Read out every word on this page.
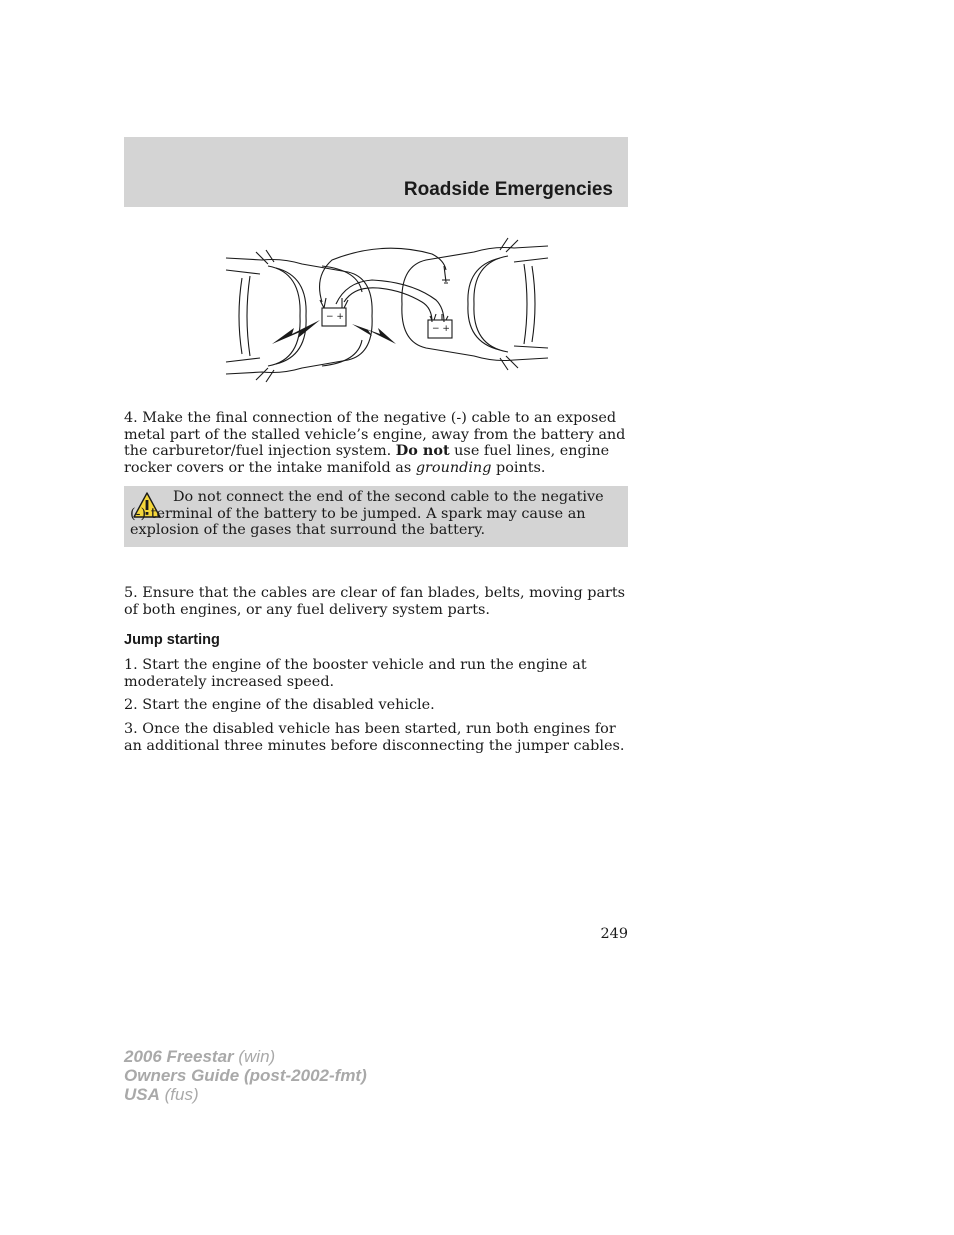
Roadside Emergencies
− +
− +

4. Make the final connection of the negative (-) cable to an exposed metal part of the stalled vehicle’s engine, away from the battery and the carburetor/fuel injection system. Do not use fuel lines, engine rocker covers or the intake manifold as grounding points.

Do not connect the end of the second cable to the negative (-) terminal of the battery to be jumped. A spark may cause an explosion of the gases that surround the battery.

5. Ensure that the cables are clear of fan blades, belts, moving parts of both engines, or any fuel delivery system parts.

Jump starting

1. Start the engine of the booster vehicle and run the engine at moderately increased speed.

2. Start the engine of the disabled vehicle.

3. Once the disabled vehicle has been started, run both engines for an additional three minutes before disconnecting the jumper cables.

249
2006 Freestar (win)
Owners Guide (post-2002-fmt)
USA (fus)
